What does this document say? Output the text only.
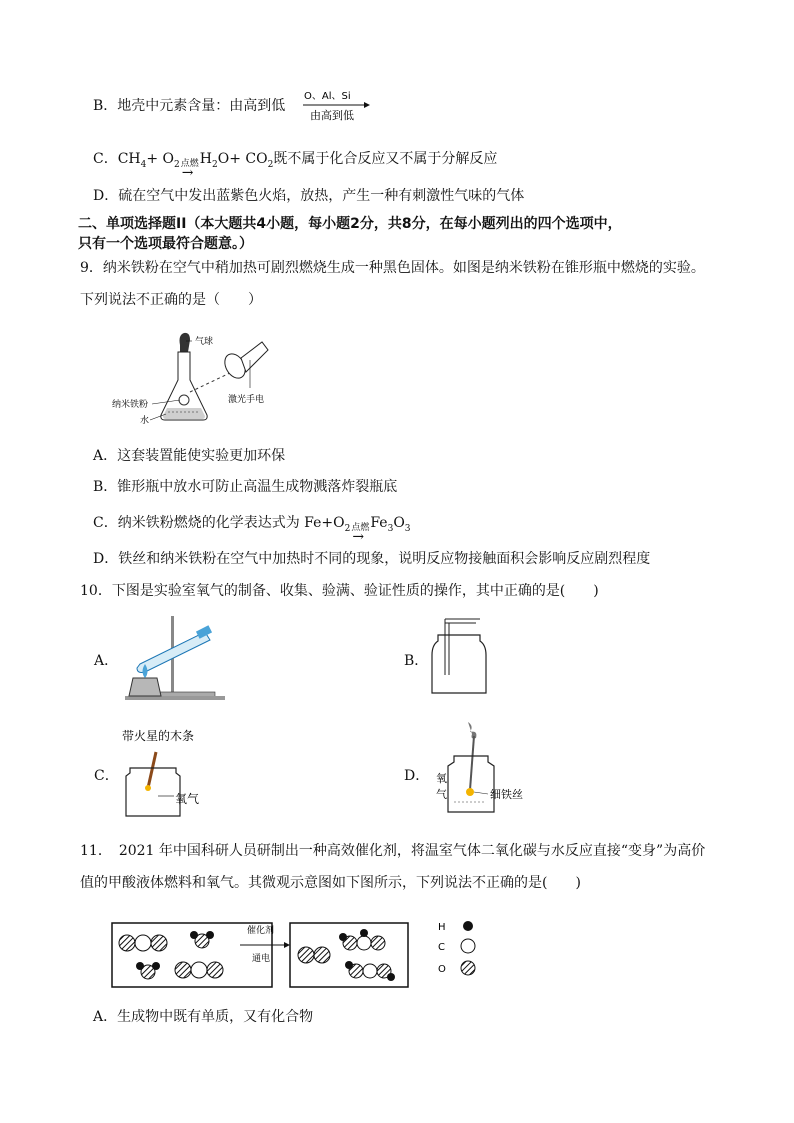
B．地壳中元素含量：由高到低
O、Al、Si
由高到低
C．$CH_4+ O_2$ 点燃
→
$H_2O+ CO_2$既不属于化合反应又不属于分解反应
D．硫在空气中发出蓝紫色火焰，放热，产生一种有刺激性气味的气体
二、单项选择题II（本大题共4小题，每小题2分，共8分，在每小题列出的四个选项中，
只有一个选项最符合题意。）
9．纳米铁粉在空气中稍加热可剧烈燃烧生成一种黑色固体。如图是纳米铁粉在锥形瓶中燃烧的实验。
下列说法不正确的是（　　）
气球
激光手电
纳米铁粉
水
A．这套装置能使实验更加环保
B．锥形瓶中放水可防止高温生成物溅落炸裂瓶底
C．纳米铁粉燃烧的化学表达式为 $Fe+O_2$ 点燃
→
$Fe_3O_3$
D．铁丝和纳米铁粉在空气中加热时不同的现象，说明反应物接触面积会影响反应剧烈程度
10．下图是实验室氧气的制备、收集、验满、验证性质的操作，其中正确的是(　　)
A．	B．
C．
带火星的木条
氧气
D． 氧
气	细铁丝
11．　2021 年中国科研人员研制出一种高效催化剂，将温室气体二氧化碳与水反应直接“变身”为高价
值的甲酸液体燃料和氧气。其微观示意图如下图所示，下列说法不正确的是(　　)
催化剂
通电
H
C
O
A．生成物中既有单质，又有化合物
